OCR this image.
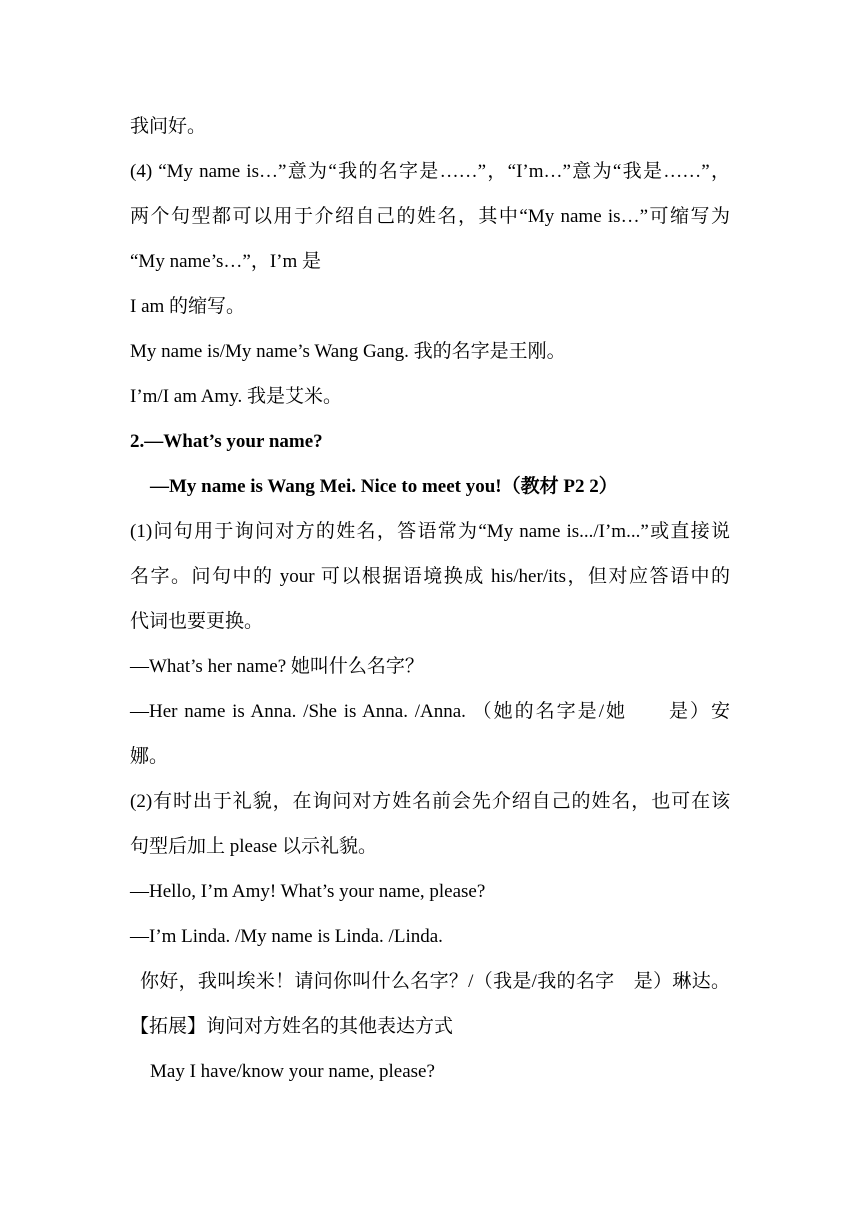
我问好。
(4) “My name is…”意为“我的名字是……”，“I’m…”意为“我是……”，
两个句型都可以用于介绍自己的姓名，其中“My name is…”可缩写为
“My name’s…”，I’m 是
I am 的缩写。
My name is/My name’s Wang Gang. 我的名字是王刚。
I’m/I am Amy. 我是艾米。
2.—What’s your name?
—My name is Wang Mei. Nice to meet you!（教材 P2 2）
(1)问句用于询问对方的姓名，答语常为“My name is.../I’m...”或直接说
名字。问句中的 your 可以根据语境换成 his/her/its，但对应答语中的
代词也要更换。
—What’s her name? 她叫什么名字？
—Her name is Anna. /She is Anna. /Anna. （她的名字是/她　　是）安
娜。
(2)有时出于礼貌，在询问对方姓名前会先介绍自己的姓名，也可在该
句型后加上 please 以示礼貌。
—Hello, I’m Amy! What’s your name, please?
—I’m Linda. /My name is Linda. /Linda.
你好，我叫埃米！请问你叫什么名字？/（我是/我的名字　是）琳达。
【拓展】询问对方姓名的其他表达方式
May I have/know your name, please?
